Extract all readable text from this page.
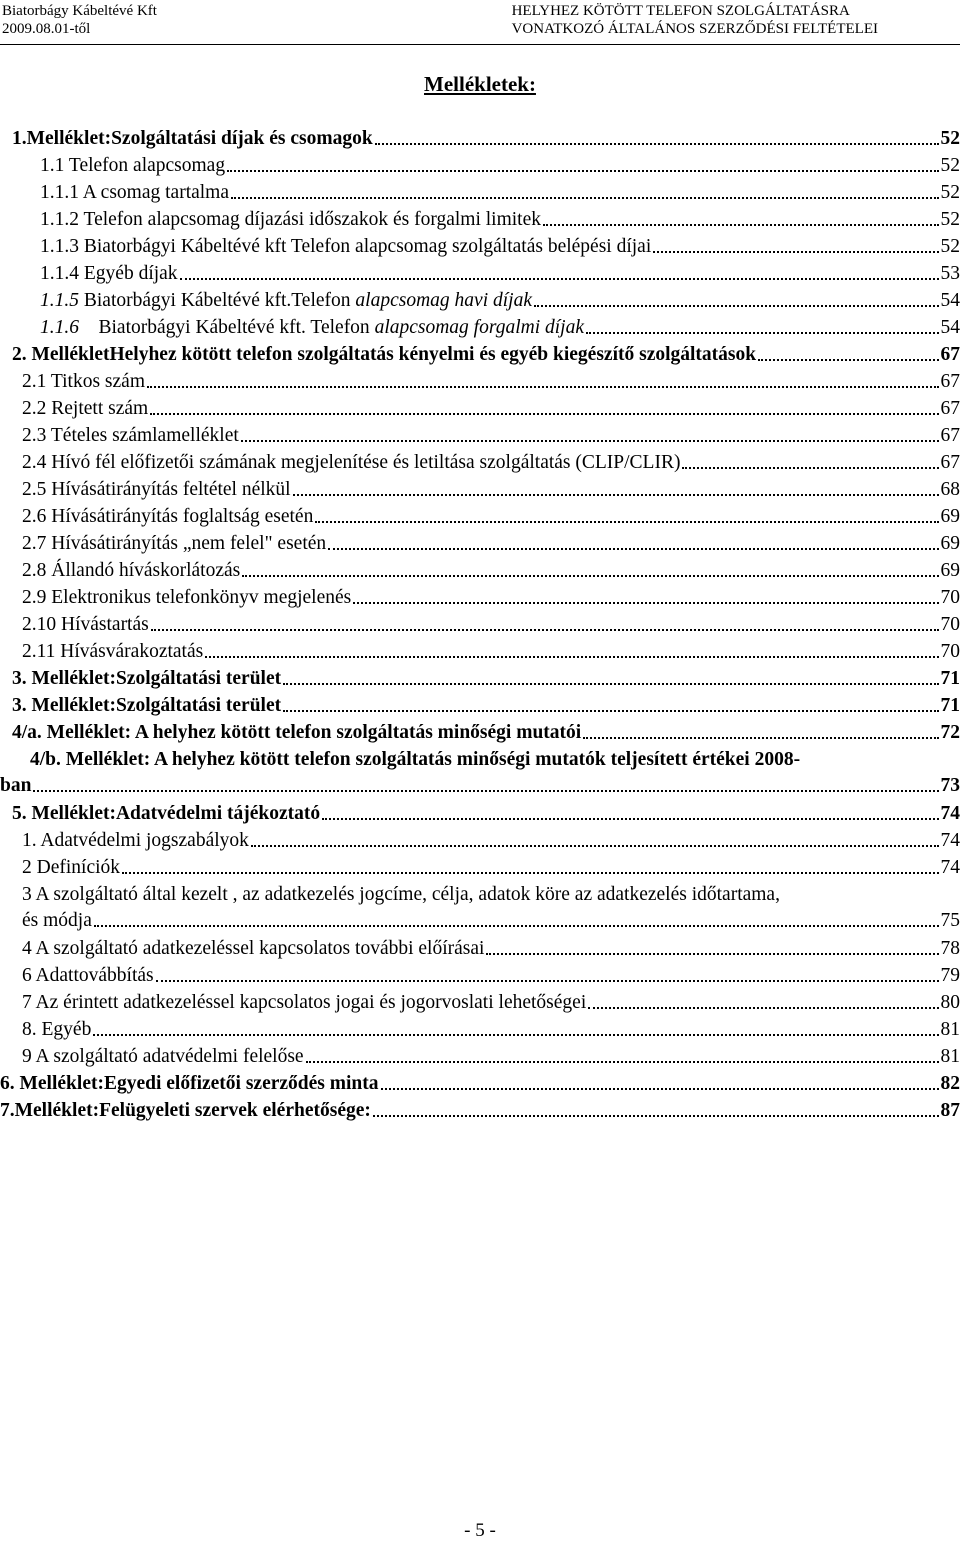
Biatorbágy Kábeltévé Kft
2009.08.01-től
HELYHEZ KÖTÖTT TELEFON SZOLGÁLTATÁSRA
VONATKOZÓ ÁLTALÁNOS SZERZŐDÉSI FELTÉTELEI
Mellékletek:
1.Melléklet:Szolgáltatási díjak és csomagok	52
1.1 Telefon alapcsomag	52
1.1.1 A csomag tartalma	52
1.1.2 Telefon alapcsomag díjazási időszakok és forgalmi limitek	52
1.1.3 Biatorbágyi Kábeltévé kft Telefon alapcsomag szolgáltatás belépési díjai	52
1.1.4 Egyéb díjak	53
1.1.5 Biatorbágyi Kábeltévé kft.Telefon alapcsomag havi díjak	54
1.1.6    Biatorbágyi Kábeltévé kft. Telefon alapcsomag forgalmi díjak	54
2. MellékletHelyhez kötött telefon szolgáltatás kényelmi és egyéb kiegészítő szolgáltatások	67
2.1 Titkos szám	67
2.2 Rejtett szám	67
2.3 Tételes számlamelléklet	67
2.4 Hívó fél előfizetői számának megjelenítése és letiltása szolgáltatás (CLIP/CLIR)	67
2.5 Hívásátirányítás feltétel nélkül	68
2.6 Hívásátirányítás foglaltság esetén	69
2.7 Hívásátirányítás „nem felel" esetén	69
2.8 Állandó híváskorlátozás	69
2.9 Elektronikus telefonkönyv megjelenés	70
2.10 Hívástartás	70
2.11 Hívásvárakoztatás	70
3. Melléklet:Szolgáltatási terület	71
3. Melléklet:Szolgáltatási terület	71
4/a. Melléklet: A helyhez kötött telefon szolgáltatás minőségi mutatói	72
4/b. Melléklet: A helyhez kötött telefon szolgáltatás minőségi mutatók teljesített értékei 2008-
ban	73
5. Melléklet:Adatvédelmi tájékoztató	74
1. Adatvédelmi jogszabályok	74
2 Definíciók	74
3 A szolgáltató által kezelt , az adatkezelés jogcíme, célja, adatok köre az adatkezelés időtartama,
és módja	75
4 A szolgáltató adatkezeléssel kapcsolatos további előírásai	78
6 Adattovábbítás	79
7 Az érintett adatkezeléssel kapcsolatos jogai és jogorvoslati lehetőségei	80
8. Egyéb	81
9 A szolgáltató adatvédelmi felelőse	81
6. Melléklet:Egyedi előfizetői szerződés minta	82
7.Melléklet:Felügyeleti szervek elérhetősége:	87
- 5 -
